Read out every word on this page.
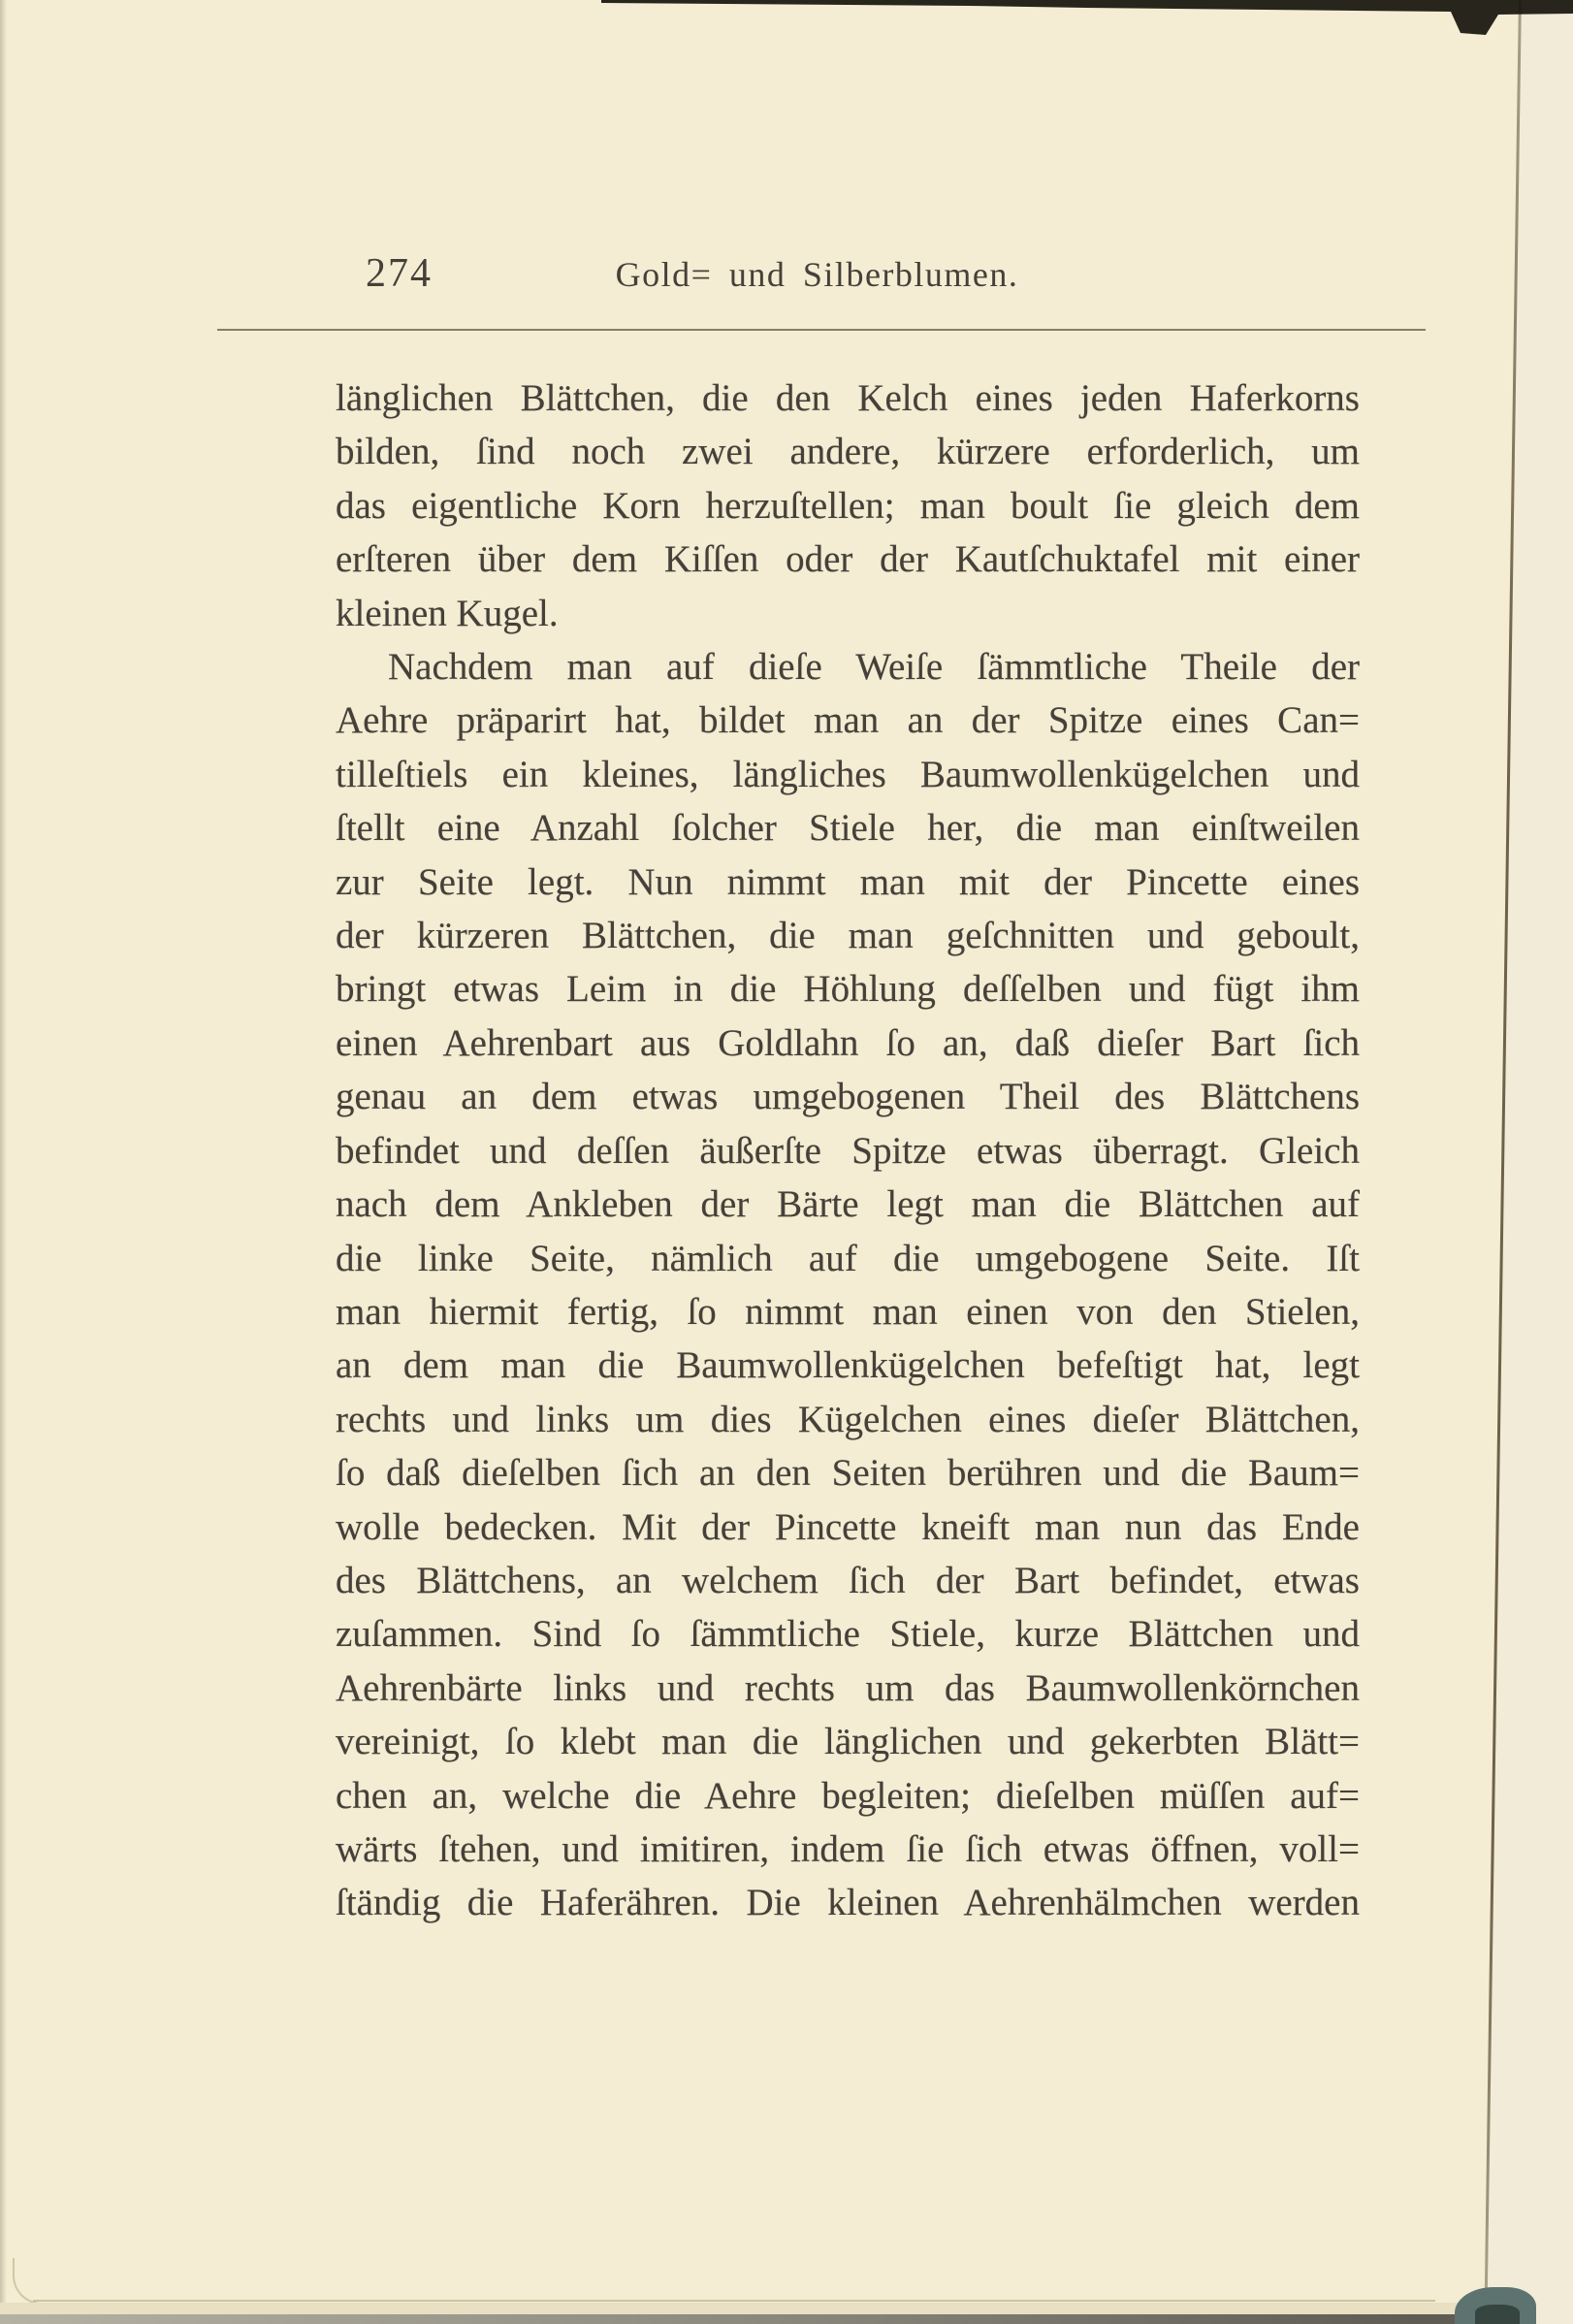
274	Gold= und Silberblumen.
länglichen Blättchen, die den Kelch eines jeden Haferkorns
bilden, ſind noch zwei andere, kürzere erforderlich, um
das eigentliche Korn herzuſtellen; man boult ſie gleich dem
erſteren über dem Kiſſen oder der Kautſchuktafel mit einer
kleinen Kugel.
Nachdem man auf dieſe Weiſe ſämmtliche Theile der
Aehre präparirt hat, bildet man an der Spitze eines Can=
tilleſtiels ein kleines, längliches Baumwollenkügelchen und
ſtellt eine Anzahl ſolcher Stiele her, die man einſtweilen
zur Seite legt. Nun nimmt man mit der Pincette eines
der kürzeren Blättchen, die man geſchnitten und geboult,
bringt etwas Leim in die Höhlung deſſelben und fügt ihm
einen Aehrenbart aus Goldlahn ſo an, daß dieſer Bart ſich
genau an dem etwas umgebogenen Theil des Blättchens
befindet und deſſen äußerſte Spitze etwas überragt. Gleich
nach dem Ankleben der Bärte legt man die Blättchen auf
die linke Seite, nämlich auf die umgebogene Seite. Iſt
man hiermit fertig, ſo nimmt man einen von den Stielen,
an dem man die Baumwollenkügelchen befeſtigt hat, legt
rechts und links um dies Kügelchen eines dieſer Blättchen,
ſo daß dieſelben ſich an den Seiten berühren und die Baum=
wolle bedecken. Mit der Pincette kneift man nun das Ende
des Blättchens, an welchem ſich der Bart befindet, etwas
zuſammen. Sind ſo ſämmtliche Stiele, kurze Blättchen und
Aehrenbärte links und rechts um das Baumwollenkörnchen
vereinigt, ſo klebt man die länglichen und gekerbten Blätt=
chen an, welche die Aehre begleiten; dieſelben müſſen auf=
wärts ſtehen, und imitiren, indem ſie ſich etwas öffnen, voll=
ſtändig die Haferähren. Die kleinen Aehrenhälmchen werden
